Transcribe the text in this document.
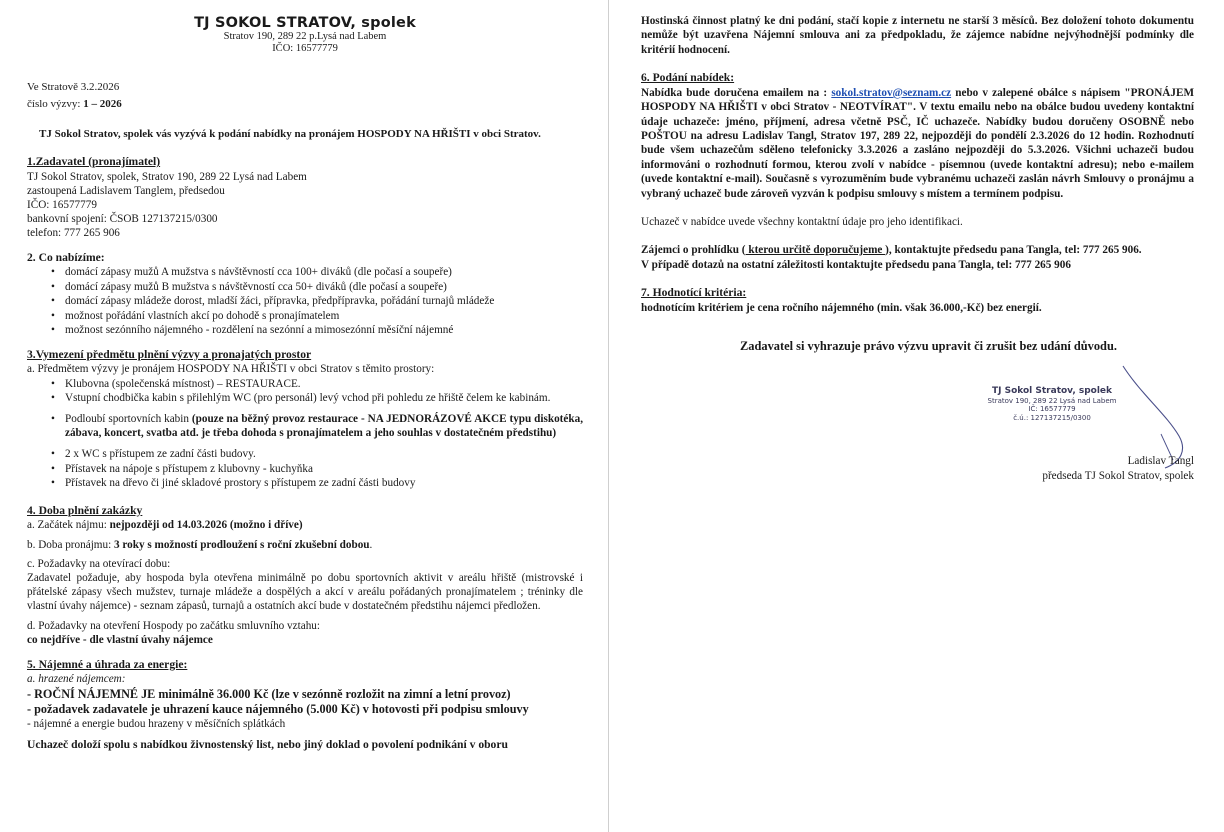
TJ SOKOL STRATOV, spolek
Stratov 190, 289 22 p.Lysá nad Labem
IČO: 16577779
Ve Stratově 3.2.2026
číslo výzvy: 1 – 2026
TJ Sokol Stratov, spolek vás vyzývá k podání nabídky na pronájem HOSPODY NA HŘIŠTI v obci Stratov.
1.Zadavatel (pronajímatel)
TJ Sokol Stratov, spolek, Stratov 190, 289 22 Lysá nad Labem
zastoupená Ladislavem Tanglem, předsedou
IČO: 16577779
bankovní spojení: ČSOB 127137215/0300
telefon: 777 265 906
2. Co nabízíme:
• domácí zápasy mužů A mužstva s návštěvností cca 100+ diváků (dle počasí a soupeře)
• domácí zápasy mužů B mužstva s návštěvností cca 50+ diváků (dle počasí a soupeře)
• domácí zápasy mládeže dorost, mladší žáci, přípravka, předpřípravka, pořádání turnajů mládeže
• možnost pořádání vlastních akcí po dohodě s pronajímatelem
• možnost sezónního nájemného - rozdělení na sezónní a mimosezónní měsíční nájemné
3.Vymezení předmětu plnění výzvy a pronajatých prostor
a. Předmětem výzvy je pronájem HOSPODY NA HŘIŠTI v obci Stratov s těmito prostory:
• Klubovna (společenská místnost) – RESTAURACE.
• Vstupní chodbička kabin s přilehlým WC (pro personál) levý vchod při pohledu ze hřiště čelem ke kabinám.
• Podloubí sportovních kabin (pouze na běžný provoz restaurace - NA JEDNORÁZOVÉ AKCE typu diskotéka, zábava, koncert, svatba atd. je třeba dohoda s pronajímatelem a jeho souhlas v dostatečném předstihu)
• 2 x WC s přístupem ze zadní části budovy.
• Přístavek na nápoje s přístupem z klubovny - kuchyňka
• Přístavek na dřevo či jiné skladové prostory s přístupem ze zadní části budovy
4. Doba plnění zakázky
a. Začátek nájmu: nejpozději od 14.03.2026 (možno i dříve)
b. Doba pronájmu: 3 roky s možností prodloužení s roční zkušební dobou.
c. Požadavky na otevírací dobu:
Zadavatel požaduje, aby hospoda byla otevřena minimálně po dobu sportovních aktivit v areálu hřiště (mistrovské i přátelské zápasy všech mužstev, turnaje mládeže a dospělých a akcí v areálu pořádaných pronajímatelem ; tréninky dle vlastní úvahy nájemce) - seznam zápasů, turnajů a ostatních akcí bude v dostatečném předstihu nájemci předložen.
d. Požadavky na otevření Hospody po začátku smluvního vztahu:
co nejdříve - dle vlastní úvahy nájemce
5. Nájemné a úhrada za energie:
a. hrazené nájemcem:
- ROČNÍ NÁJEMNÉ JE minimálně 36.000 Kč (lze v sezónně rozložit na zimní a letní provoz)
- požadavek zadavatele je uhrazení kauce nájemného (5.000 Kč) v hotovosti při podpisu smlouvy
- nájemné a energie budou hrazeny v měsíčních splátkách
Uchazeč doloží spolu s nabídkou živnostenský list, nebo jiný doklad o povolení podnikání v oboru
Hostinská činnost platný ke dni podání, stačí kopie z internetu ne starší 3 měsíců. Bez doložení tohoto dokumentu nemůže být uzavřena Nájemní smlouva ani za předpokladu, že zájemce nabídne nejvýhodnější podmínky dle kritérií hodnocení.
6. Podání nabídek:
Nabídka bude doručena emailem na : sokol.stratov@seznam.cz nebo v zalepené obálce s nápisem "PRONÁJEM HOSPODY NA HŘIŠTI v obci Stratov - NEOTVÍRAT". V textu emailu nebo na obálce budou uvedeny kontaktní údaje uchazeče: jméno, příjmení, adresa včetně PSČ, IČ uchazeče. Nabídky budou doručeny OSOBNĚ nebo POŠTOU na adresu Ladislav Tangl, Stratov 197, 289 22, nejpozději do pondělí 2.3.2026 do 12 hodin. Rozhodnutí bude všem uchazečům sděleno telefonicky 3.3.2026 a zasláno nejpozději do 5.3.2026. Všichni uchazeči budou informováni o rozhodnutí formou, kterou zvolí v nabídce - písemnou (uvede kontaktní adresu); nebo e-mailem (uvede kontaktní e-mail). Současně s vyrozuměním bude vybranému uchazeči zaslán návrh Smlouvy o pronájmu a vybraný uchazeč bude zároveň vyzván k podpisu smlouvy s místem a termínem podpisu.
Uchazeč v nabídce uvede všechny kontaktní údaje pro jeho identifikaci.
Zájemci o prohlídku ( kterou určitě doporučujeme ), kontaktujte předsedu pana Tangla, tel: 777 265 906.
V případě dotazů na ostatní záležitosti kontaktujte předsedu pana Tangla, tel: 777 265 906
7. Hodnotící kritéria:
hodnotícím kritériem je cena ročního nájemného (min. však 36.000,-Kč) bez energií.
Zadavatel si vyhrazuje právo výzvu upravit či zrušit bez udání důvodu.
TJ Sokol Stratov, spolek
Stratov 190, 289 22 Lysá nad Labem
IČ: 16577779
č.ú.: 127137215/0300
Ladislav Tangl
předseda TJ Sokol Stratov, spolek
